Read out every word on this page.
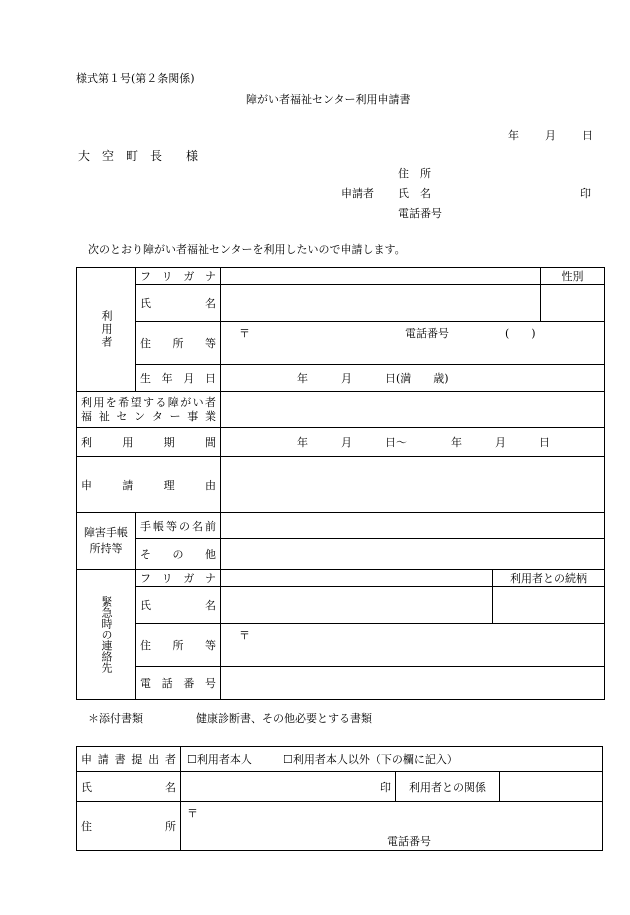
様式第１号(第２条関係)
障がい者福祉センター利用申請書
年 月 日
大　空　町　長　　様
住　所
申請者 氏　名	印
電話番号
次のとおり障がい者福祉センターを利用したいので申請します。
利用者	フ リ ガ ナ			性別
	氏　　　名			
	住　所　等	〒 電話番号 (　　)		

	生 年 月 日	年　　　月　　　日(満　　歳)		

利用を希望する障がい者
福 祉 セ ン タ ー 事 業				

利　　用　　期　　間		年　　　月　　　日～　　　　年　　　月　　　日		
申　　請　　理　　由				

障害手帳
所持等	手帳等の名前			
	そ　の　他			

緊急時の連絡先	フ リ ガ ナ		利用者との続柄	
	氏　　　名			
	住　所　等	〒		

	電 話 番 号			
＊添付書類	健康診断書、その他必要とする書類
申 請 書 提 出 者	☐利用者本人 ☐利用者本人以外（下の欄に記入）		

氏　　　　　名	印	利用者との関係	
住　　　　　所	〒
電話番号		
